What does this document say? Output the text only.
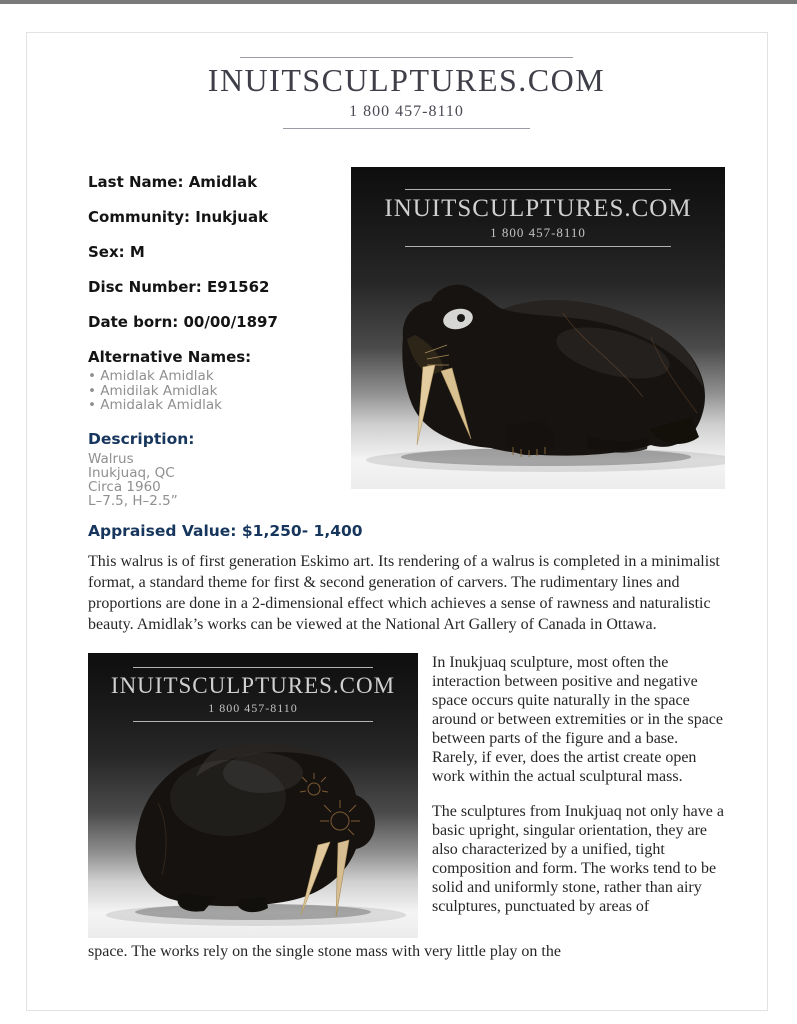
INUITSCULPTURES.COM
1 800 457-8110
Last Name: Amidlak
Community: Inukjuak
Sex: M
Disc Number: E91562
Date born: 00/00/1897
Alternative Names:
• Amidlak Amidlak
• Amidilak Amidlak
• Amidalak Amidlak
Description:
Walrus
Inukjuaq, QC
Circa 1960
L–7.5, H–2.5”
INUITSCULPTURES.COM
1 800 457-8110
Appraised Value: $1,250- 1,400

This walrus is of first generation Eskimo art. Its rendering of a walrus is completed in a minimalist format, a standard theme for first & second generation of carvers. The rudimentary lines and proportions are done in a 2-dimensional effect which achieves a sense of rawness and naturalistic beauty. Amidlak’s works can be viewed at the National Art Gallery of Canada in Ottawa.

INUITSCULPTURES.COM
1 800 457-8110

In Inukjuaq sculpture, most often the interaction between positive and negative space occurs quite naturally in the space around or between extremities or in the space between parts of the figure and a base. Rarely, if ever, does the artist create open work within the actual sculptural mass.

The sculptures from Inukjuaq not only have a basic upright, singular orientation, they are also characterized by a unified, tight composition and form. The works tend to be solid and uniformly stone, rather than airy sculptures, punctuated by areas of

space. The works rely on the single stone mass with very little play on the
